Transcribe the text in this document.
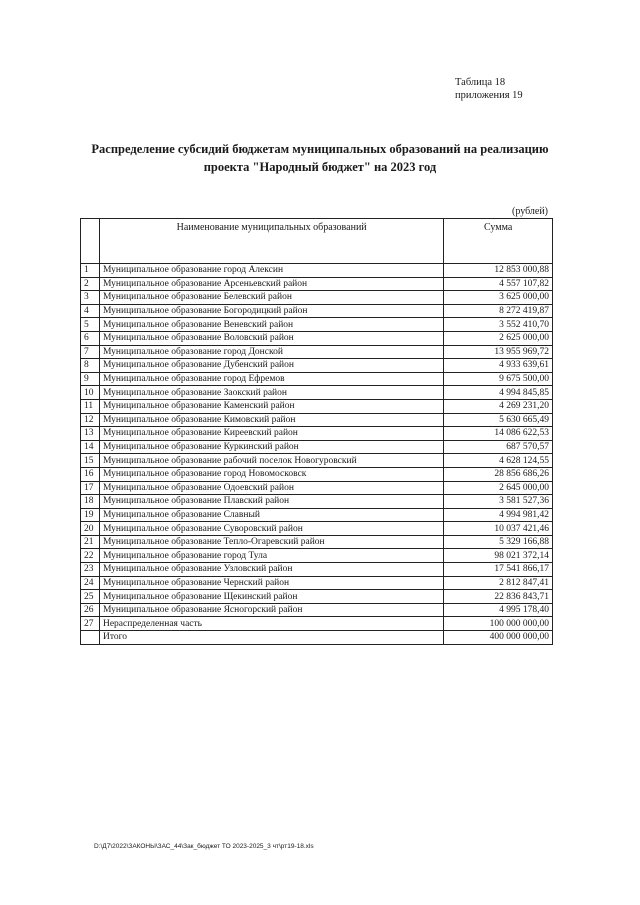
Таблица 18
приложения 19
Распределение субсидий бюджетам муниципальных образований на реализацию
проекта "Народный бюджет" на 2023 год
(рублей)
	Наименование муниципальных образований	Сумма
1	Муниципальное образование город Алексин	12 853 000,88
2	Муниципальное образование Арсеньевский район	4 557 107,82
3	Муниципальное образование Белевский район	3 625 000,00
4	Муниципальное образование Богородицкий район	8 272 419,87
5	Муниципальное образование Веневский район	3 552 410,70
6	Муниципальное образование Воловский район	2 625 000,00
7	Муниципальное образование город Донской	13 955 969,72
8	Муниципальное образование Дубенский район	4 933 639,61
9	Муниципальное образование город Ефремов	9 675 500,00
10	Муниципальное образование Заокский район	4 994 845,85
11	Муниципальное образование Каменский район	4 269 231,20
12	Муниципальное образование Кимовский район	5 630 665,49
13	Муниципальное образование Киреевский район	14 086 622,53
14	Муниципальное образование Куркинский район	687 570,57
15	Муниципальное образование рабочий поселок Новогуровский	4 628 124,55
16	Муниципальное образование город Новомосковск	28 856 686,26
17	Муниципальное образование Одоевский район	2 645 000,00
18	Муниципальное образование Плавский район	3 581 527,36
19	Муниципальное образование Славный	4 994 981,42
20	Муниципальное образование Суворовский район	10 037 421,46
21	Муниципальное образование Тепло-Огаревский район	5 329 166,88
22	Муниципальное образование город Тула	98 021 372,14
23	Муниципальное образование Узловский район	17 541 866,17
24	Муниципальное образование Чернский район	2 812 847,41
25	Муниципальное образование Щекинский район	22 836 843,71
26	Муниципальное образование Ясногорский район	4 995 178,40
27	Нераспределенная часть	100 000 000,00
	Итого	400 000 000,00
D:\Д7\2022\ЗАКОНЫ\ЗАС_44\Зак_бюджет ТО 2023-2025_3 чт\рт19-18.xls
